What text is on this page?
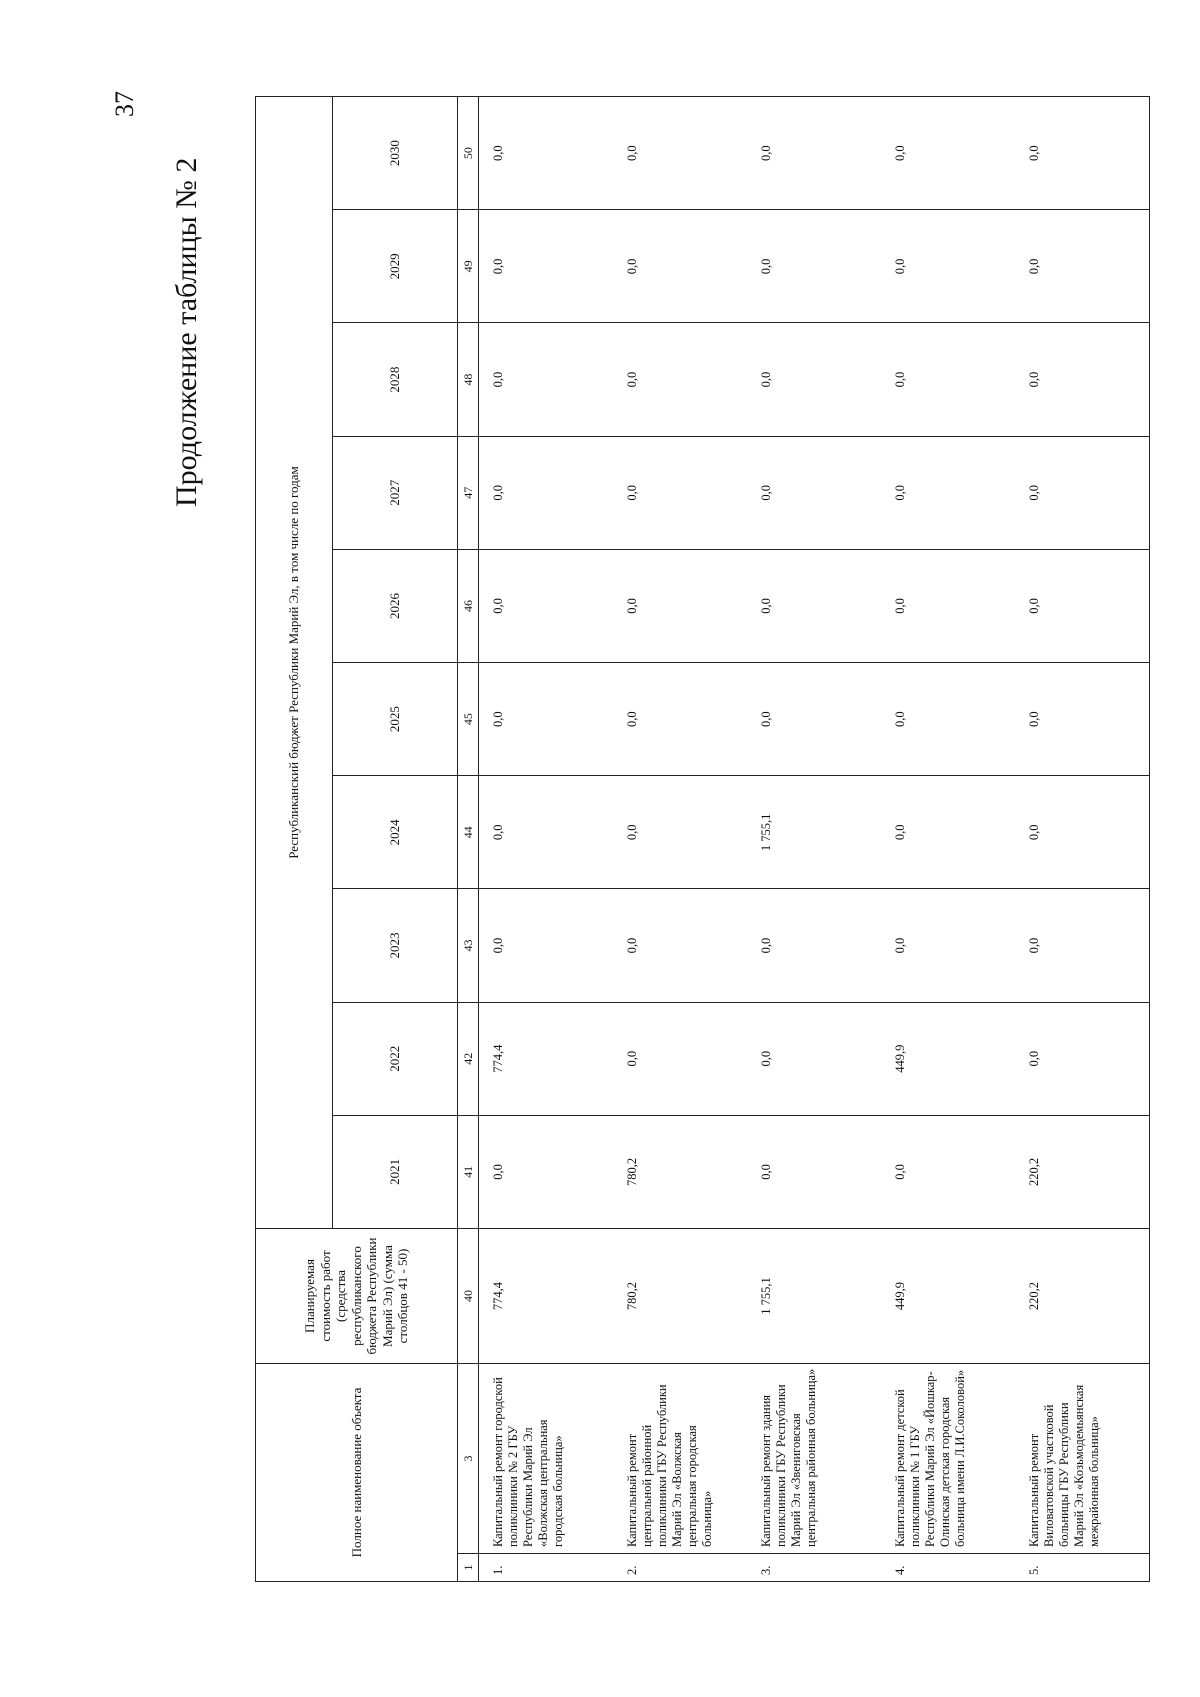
37
Продолжение таблицы № 2
Полное наименование объекта		Планируемая стоимость работ (средства республиканского бюджета Республики Марий Эл) (сумма столбцов 41 - 50)	Республиканский бюджет Республики Марий Эл, в том числе по годам									
			2021	2022	2023	2024	2025	2026	2027	2028	2029	2030
1	3	40	41	42	43	44	45	46	47	48	49	50
1.	Капитальный ремонт городской поликлиники № 2 ГБУ Республики Марий Эл «Волжская центральная городская больница»	774,4	0,0	774,4	0,0	0,0	0,0	0,0	0,0	0,0	0,0	0,0
2.	Капитальный ремонт центральной районной поликлиники ГБУ Республики Марий Эл «Волжская центральная городская больница»	780,2	780,2	0,0	0,0	0,0	0,0	0,0	0,0	0,0	0,0	0,0
3.	Капитальный ремонт здания поликлиники ГБУ Республики Марий Эл «Звениговская центральная районная больница»	1 755,1	0,0	0,0	0,0	1 755,1	0,0	0,0	0,0	0,0	0,0	0,0
4.	Капитальный ремонт детской поликлиники № 1 ГБУ Республики Марий Эл «Йошкар-Олинская детская городская больница имени Л.И.Соколовой»	449,9	0,0	449,9	0,0	0,0	0,0	0,0	0,0	0,0	0,0	0,0
5.	Капитальный ремонт Виловатовской участковой больницы ГБУ Республики Марий Эл «Козьмодемьянская межрайонная больница»	220,2	220,2	0,0	0,0	0,0	0,0	0,0	0,0	0,0	0,0	0,0
